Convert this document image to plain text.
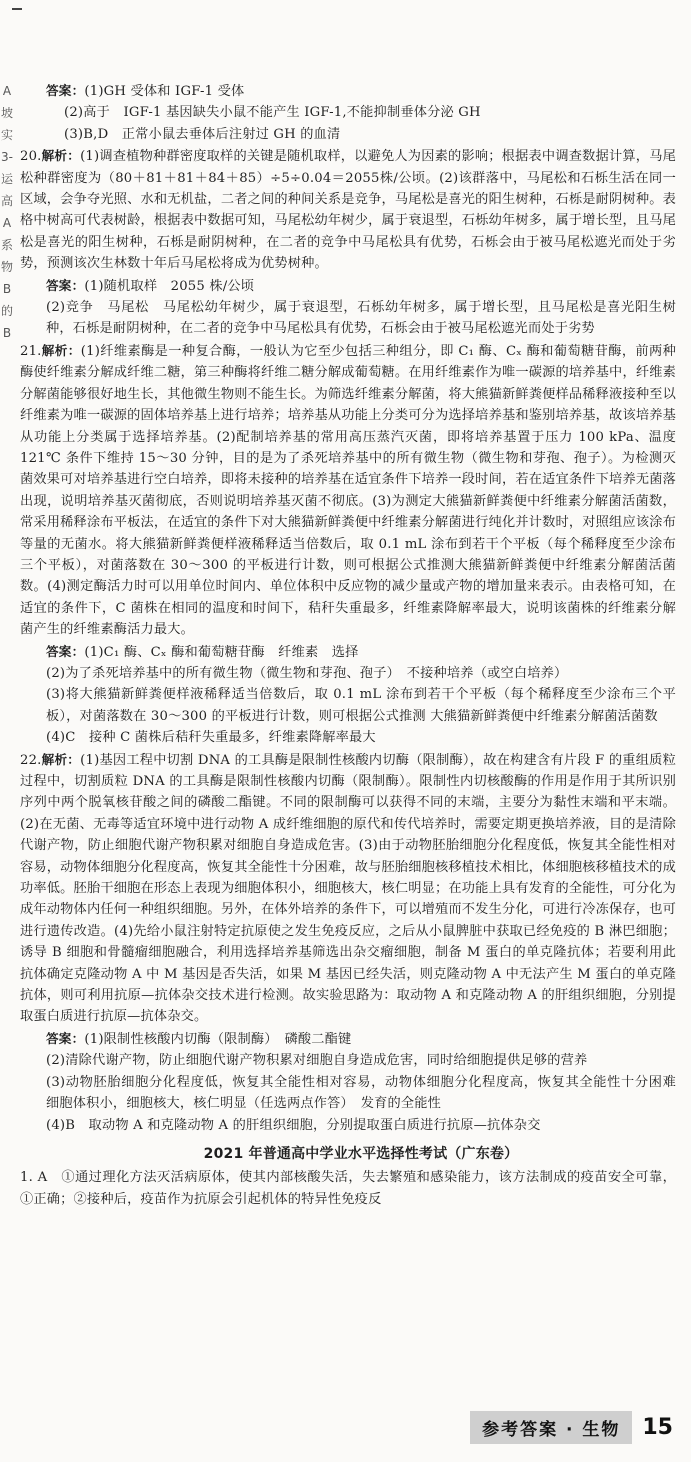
A
坡
实
3-
运
高
A
系
物
B
的
B

答案：(1)GH 受体和 IGF-1 受体

(2)高于　IGF-1 基因缺失小鼠不能产生 IGF-1,不能抑制垂体分泌 GH

(3)B,D　正常小鼠去垂体后注射过 GH 的血清

20.解析：(1)调查植物种群密度取样的关键是随机取样，以避免人为因素的影响；根据表中调查数据计算，马尾松种群密度为（80＋81＋81＋84＋85）÷5÷0.04＝2055株/公顷。(2)该群落中，马尾松和石栎生活在同一区域，会争夺光照、水和无机盐，二者之间的种间关系是竞争，马尾松是喜光的阳生树种，石栎是耐阴树种。表格中树高可代表树龄，根据表中数据可知，马尾松幼年树少，属于衰退型，石栎幼年树多，属于增长型，且马尾松是喜光的阳生树种，石栎是耐阴树种，在二者的竞争中马尾松具有优势，石栎会由于被马尾松遮光而处于劣势，预测该次生林数十年后马尾松将成为优势树种。

答案：(1)随机取样　2055 株/公顷

(2)竞争　马尾松　马尾松幼年树少，属于衰退型，石栎幼年树多，属于增长型，且马尾松是喜光阳生树种，石栎是耐阴树种，在二者的竞争中马尾松具有优势，石栎会由于被马尾松遮光而处于劣势

21.解析：(1)纤维素酶是一种复合酶，一般认为它至少包括三种组分，即 C₁ 酶、Cₓ 酶和葡萄糖苷酶，前两种酶使纤维素分解成纤维二糖，第三种酶将纤维二糖分解成葡萄糖。在用纤维素作为唯一碳源的培养基中，纤维素分解菌能够很好地生长，其他微生物则不能生长。为筛选纤维素分解菌，将大熊猫新鲜粪便样品稀释液接种至以纤维素为唯一碳源的固体培养基上进行培养；培养基从功能上分类可分为选择培养基和鉴别培养基，故该培养基从功能上分类属于选择培养基。(2)配制培养基的常用高压蒸汽灭菌，即将培养基置于压力 100 kPa、温度 121℃ 条件下维持 15～30 分钟，目的是为了杀死培养基中的所有微生物（微生物和芽孢、孢子）。为检测灭菌效果可对培养基进行空白培养，即将未接种的培养基在适宜条件下培养一段时间，若在适宜条件下培养无菌落出现，说明培养基灭菌彻底，否则说明培养基灭菌不彻底。(3)为测定大熊猫新鲜粪便中纤维素分解菌活菌数，常采用稀释涂布平板法，在适宜的条件下对大熊猫新鲜粪便中纤维素分解菌进行纯化并计数时，对照组应该涂布等量的无菌水。将大熊猫新鲜粪便样液稀释适当倍数后，取 0.1 mL 涂布到若干个平板（每个稀释度至少涂布三个平板），对菌落数在 30～300 的平板进行计数，则可根据公式推测大熊猫新鲜粪便中纤维素分解菌活菌数。(4)测定酶活力时可以用单位时间内、单位体积中反应物的减少量或产物的增加量来表示。由表格可知，在适宜的条件下，C 菌株在相同的温度和时间下，秸秆失重最多，纤维素降解率最大，说明该菌株的纤维素分解菌产生的纤维素酶活力最大。

答案：(1)C₁ 酶、Cₓ 酶和葡萄糖苷酶　纤维素　选择

(2)为了杀死培养基中的所有微生物（微生物和芽孢、孢子）　不接种培养（或空白培养）

(3)将大熊猫新鲜粪便样液稀释适当倍数后，取 0.1 mL 涂布到若干个平板（每个稀释度至少涂布三个平板），对菌落数在 30～300 的平板进行计数，则可根据公式推测 大熊猫新鲜粪便中纤维素分解菌活菌数

(4)C　接种 C 菌株后秸秆失重最多，纤维素降解率最大

22.解析：(1)基因工程中切割 DNA 的工具酶是限制性核酸内切酶（限制酶），故在构建含有片段 F 的重组质粒过程中，切割质粒 DNA 的工具酶是限制性核酸内切酶（限制酶）。限制性内切核酸酶的作用是作用于其所识别序列中两个脱氧核苷酸之间的磷酸二酯键。不同的限制酶可以获得不同的末端，主要分为黏性末端和平末端。(2)在无菌、无毒等适宜环境中进行动物 A 成纤维细胞的原代和传代培养时，需要定期更换培养液，目的是清除代谢产物，防止细胞代谢产物积累对细胞自身造成危害。(3)由于动物胚胎细胞分化程度低，恢复其全能性相对容易，动物体细胞分化程度高，恢复其全能性十分困难，故与胚胎细胞核移植技术相比，体细胞核移植技术的成功率低。胚胎干细胞在形态上表现为细胞体积小，细胞核大，核仁明显；在功能上具有发育的全能性，可分化为成年动物体内任何一种组织细胞。另外，在体外培养的条件下，可以增殖而不发生分化，可进行冷冻保存，也可进行遗传改造。(4)先给小鼠注射特定抗原使之发生免疫反应，之后从小鼠脾脏中获取已经免疫的 B 淋巴细胞；诱导 B 细胞和骨髓瘤细胞融合，利用选择培养基筛选出杂交瘤细胞，制备 M 蛋白的单克隆抗体；若要利用此抗体确定克隆动物 A 中 M 基因是否失活，如果 M 基因已经失活，则克隆动物 A 中无法产生 M 蛋白的单克隆抗体，则可利用抗原—抗体杂交技术进行检测。故实验思路为：取动物 A 和克隆动物 A 的肝组织细胞，分别提取蛋白质进行抗原—抗体杂交。

答案：(1)限制性核酸内切酶（限制酶）　磷酸二酯键

(2)清除代谢产物，防止细胞代谢产物积累对细胞自身造成危害，同时给细胞提供足够的营养

(3)动物胚胎细胞分化程度低，恢复其全能性相对容易，动物体细胞分化程度高，恢复其全能性十分困难　细胞体积小，细胞核大，核仁明显（任选两点作答）　发育的全能性

(4)B　取动物 A 和克隆动物 A 的肝组织细胞，分别提取蛋白质进行抗原—抗体杂交

2021 年普通高中学业水平选择性考试（广东卷）

1. A　 ①通过理化方法灭活病原体，使其内部核酸失活，失去繁殖和感染能力，该方法制成的疫苗安全可靠，①正确；②接种后，疫苗作为抗原会引起机体的特异性免疫反

参考答案 · 生物	15
